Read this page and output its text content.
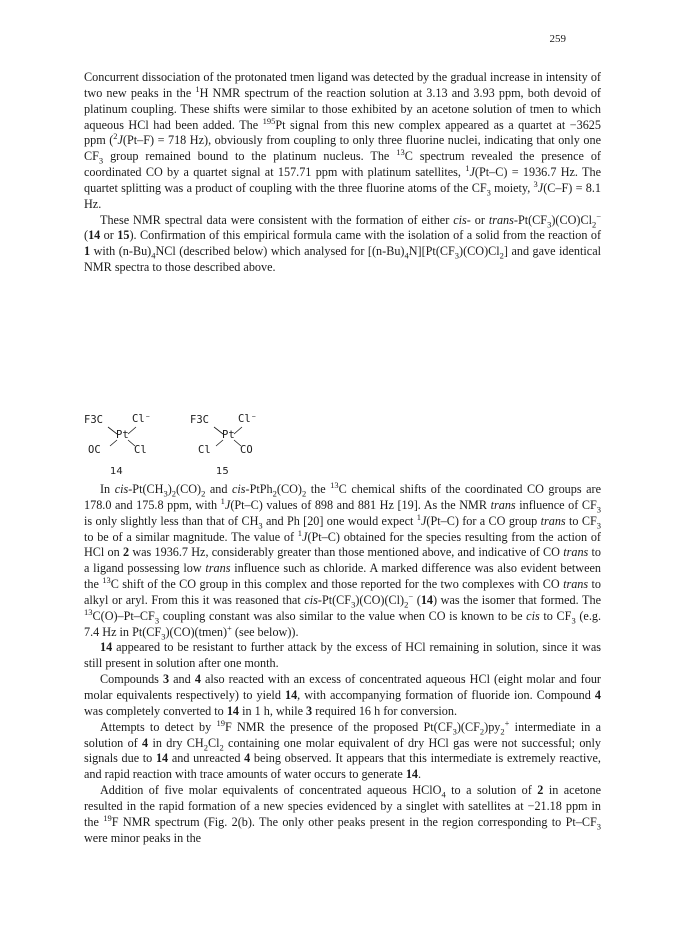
259

Concurrent dissociation of the protonated tmen ligand was detected by the gradual increase in intensity of two new peaks in the $^1$H NMR spectrum of the reaction solution at 3.13 and 3.93 ppm, both devoid of platinum coupling. These shifts were similar to those exhibited by an acetone solution of tmen to which aqueous HCl had been added. The $^{195}$Pt signal from this new complex appeared as a quartet at −3625 ppm ($^2$J(Pt–F) = 718 Hz), obviously from coupling to only three fluorine nuclei, indicating that only one $CF_3$ group remained bound to the platinum nucleus. The $^{13}$C spectrum revealed the presence of coordinated CO by a quartet signal at 157.71 ppm with platinum satellites, $^1$J(Pt–C) = 1936.7 Hz. The quartet splitting was a product of coupling with the three fluorine atoms of the $CF_3$ moiety, $^3$J(C–F) = 8.1 Hz.

These NMR spectral data were consistent with the formation of either cis- or trans-$Pt(CF_3)(CO)Cl_2^-$ (14 or 15). Confirmation of this empirical formula came with the isolation of a solid from the reaction of 1 with $(n-Bu)_4NCl$ (described below) which analysed for $[(n-Bu)_4N][Pt(CF_3)(CO)Cl_2]$ and gave identical NMR spectra to those described above.

F3C	Cl⁻
Pt
OC	Cl
14
F3C	Cl⁻
Pt
Cl	CO
15

In cis-$Pt(CH_3)_2(CO)_2$ and cis-$PtPh_2(CO)_2$ the $^{13}$C chemical shifts of the coordinated CO groups are 178.0 and 175.8 ppm, with $^1$J(Pt–C) values of 898 and 881 Hz [19]. As the NMR trans influence of $CF_3$ is only slightly less than that of $CH_3$ and Ph [20] one would expect $^1$J(Pt–C) for a CO group trans to $CF_3$ to be of a similar magnitude. The value of $^1$J(Pt–C) obtained for the species resulting from the action of HCl on 2 was 1936.7 Hz, considerably greater than those mentioned above, and indicative of CO trans to a ligand possessing low trans influence such as chloride. A marked difference was also evident between the $^{13}$C shift of the CO group in this complex and those reported for the two complexes with CO trans to alkyl or aryl. From this it was reasoned that cis-$Pt(CF_3)(CO)(Cl)_2^-$ (14) was the isomer that formed. The $^{13}C(O)-Pt-CF_3$ coupling constant was also similar to the value when CO is known to be cis to $CF_3$ (e.g. 7.4 Hz in $Pt(CF_3)(CO)(tmen)^+$ (see below)).

14 appeared to be resistant to further attack by the excess of HCl remaining in solution, since it was still present in solution after one month.

Compounds 3 and 4 also reacted with an excess of concentrated aqueous HCl (eight molar and four molar equivalents respectively) to yield 14, with accompanying formation of fluoride ion. Compound 4 was completely converted to 14 in 1 h, while 3 required 16 h for conversion.

Attempts to detect by $^{19}$F NMR the presence of the proposed $Pt(CF_3)(CF_2)py_2^+$ intermediate in a solution of 4 in dry $CH_2Cl_2$ containing one molar equivalent of dry HCl gas were not successful; only signals due to 14 and unreacted 4 being observed. It appears that this intermediate is extremely reactive, and rapid reaction with trace amounts of water occurs to generate 14.

Addition of five molar equivalents of concentrated aqueous HClO$_4$ to a solution of 2 in acetone resulted in the rapid formation of a new species evidenced by a singlet with satellites at −21.18 ppm in the $^{19}$F NMR spectrum (Fig. 2(b). The only other peaks present in the region corresponding to $Pt-CF_3$ were minor peaks in the
